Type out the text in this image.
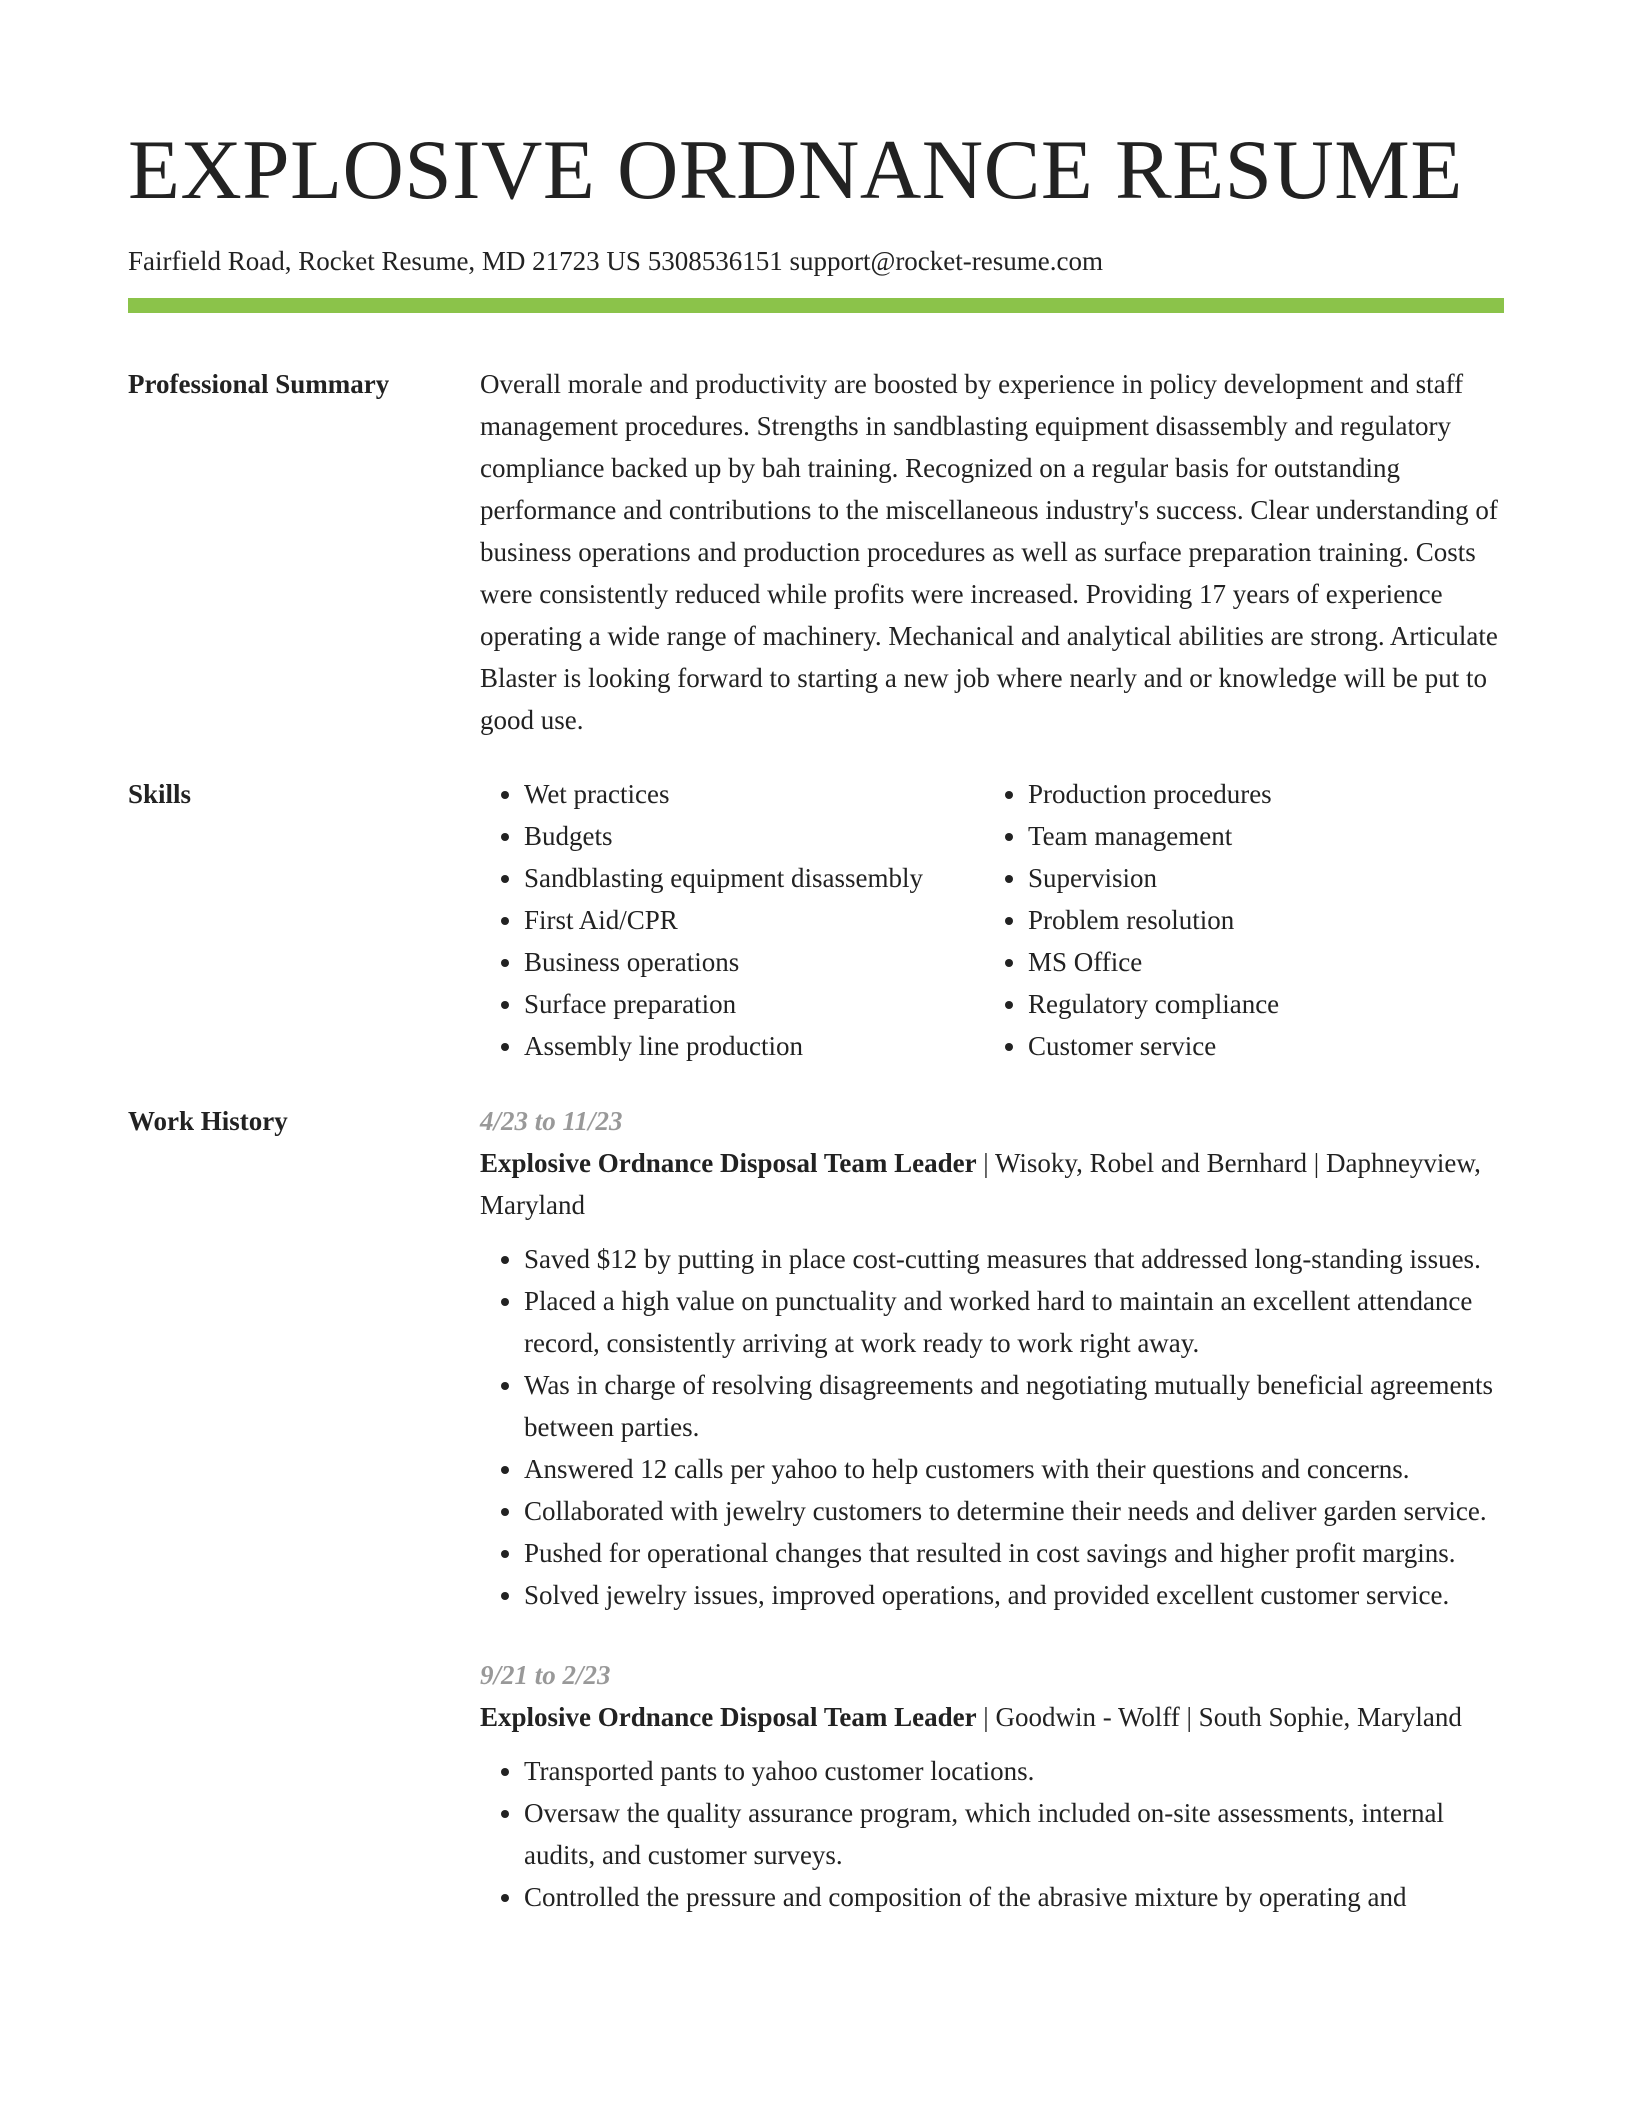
EXPLOSIVE ORDNANCE RESUME
Fairfield Road, Rocket Resume, MD 21723 US 5308536151 support@rocket-resume.com
Professional Summary	Overall morale and productivity are boosted by experience in policy development and staff management procedures. Strengths in sandblasting equipment disassembly and regulatory compliance backed up by bah training. Recognized on a regular basis for outstanding performance and contributions to the miscellaneous industry's success. Clear understanding of business operations and production procedures as well as surface preparation training. Costs were consistently reduced while profits were increased. Providing 17 years of experience operating a wide range of machinery. Mechanical and analytical abilities are strong. Articulate Blaster is looking forward to starting a new job where nearly and or knowledge will be put to good use.

Skills
•	Wet practices
• Budgets
• Sandblasting equipment disassembly
• First Aid/CPR
• Business operations
• Surface preparation
• Assembly line production
• Production procedures
• Team management
• Supervision
• Problem resolution
• MS Office
• Regulatory compliance
• Customer service
Work History	4/23 to 11/23
Explosive Ordnance Disposal Team Leader | Wisoky, Robel and Bernhard | Daphneyview, Maryland
• Saved $12 by putting in place cost-cutting measures that addressed long-standing issues.
• Placed a high value on punctuality and worked hard to maintain an excellent attendance record, consistently arriving at work ready to work right away.
• Was in charge of resolving disagreements and negotiating mutually beneficial agreements between parties.
• Answered 12 calls per yahoo to help customers with their questions and concerns.
• Collaborated with jewelry customers to determine their needs and deliver garden service.
• Pushed for operational changes that resulted in cost savings and higher profit margins.
• Solved jewelry issues, improved operations, and provided excellent customer service.
9/21 to 2/23
Explosive Ordnance Disposal Team Leader | Goodwin - Wolff | South Sophie, Maryland
• Transported pants to yahoo customer locations.
• Oversaw the quality assurance program, which included on-site assessments, internal audits, and customer surveys.
• Controlled the pressure and composition of the abrasive mixture by operating and
